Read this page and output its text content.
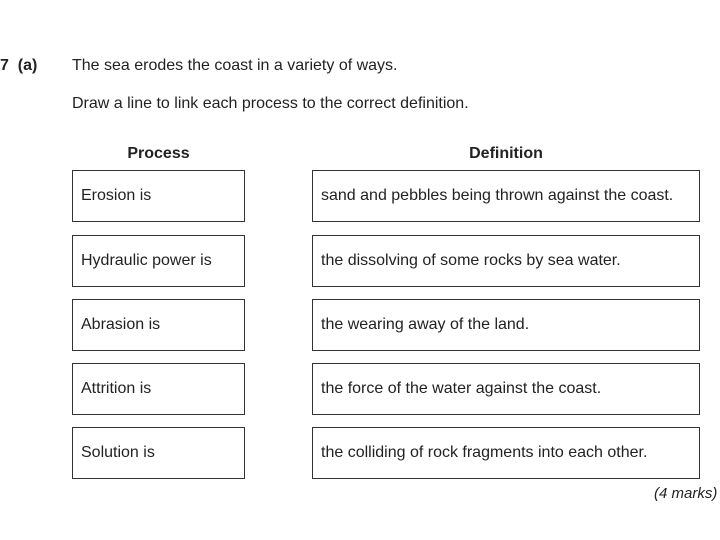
7 (a) The sea erodes the coast in a variety of ways.
Draw a line to link each process to the correct definition.
Process	Definition
Erosion is
Hydraulic power is
Abrasion is
Attrition is
Solution is
sand and pebbles being thrown against the coast.
the dissolving of some rocks by sea water.
the wearing away of the land.
the force of the water against the coast.
the colliding of rock fragments into each other.
(4 marks)
